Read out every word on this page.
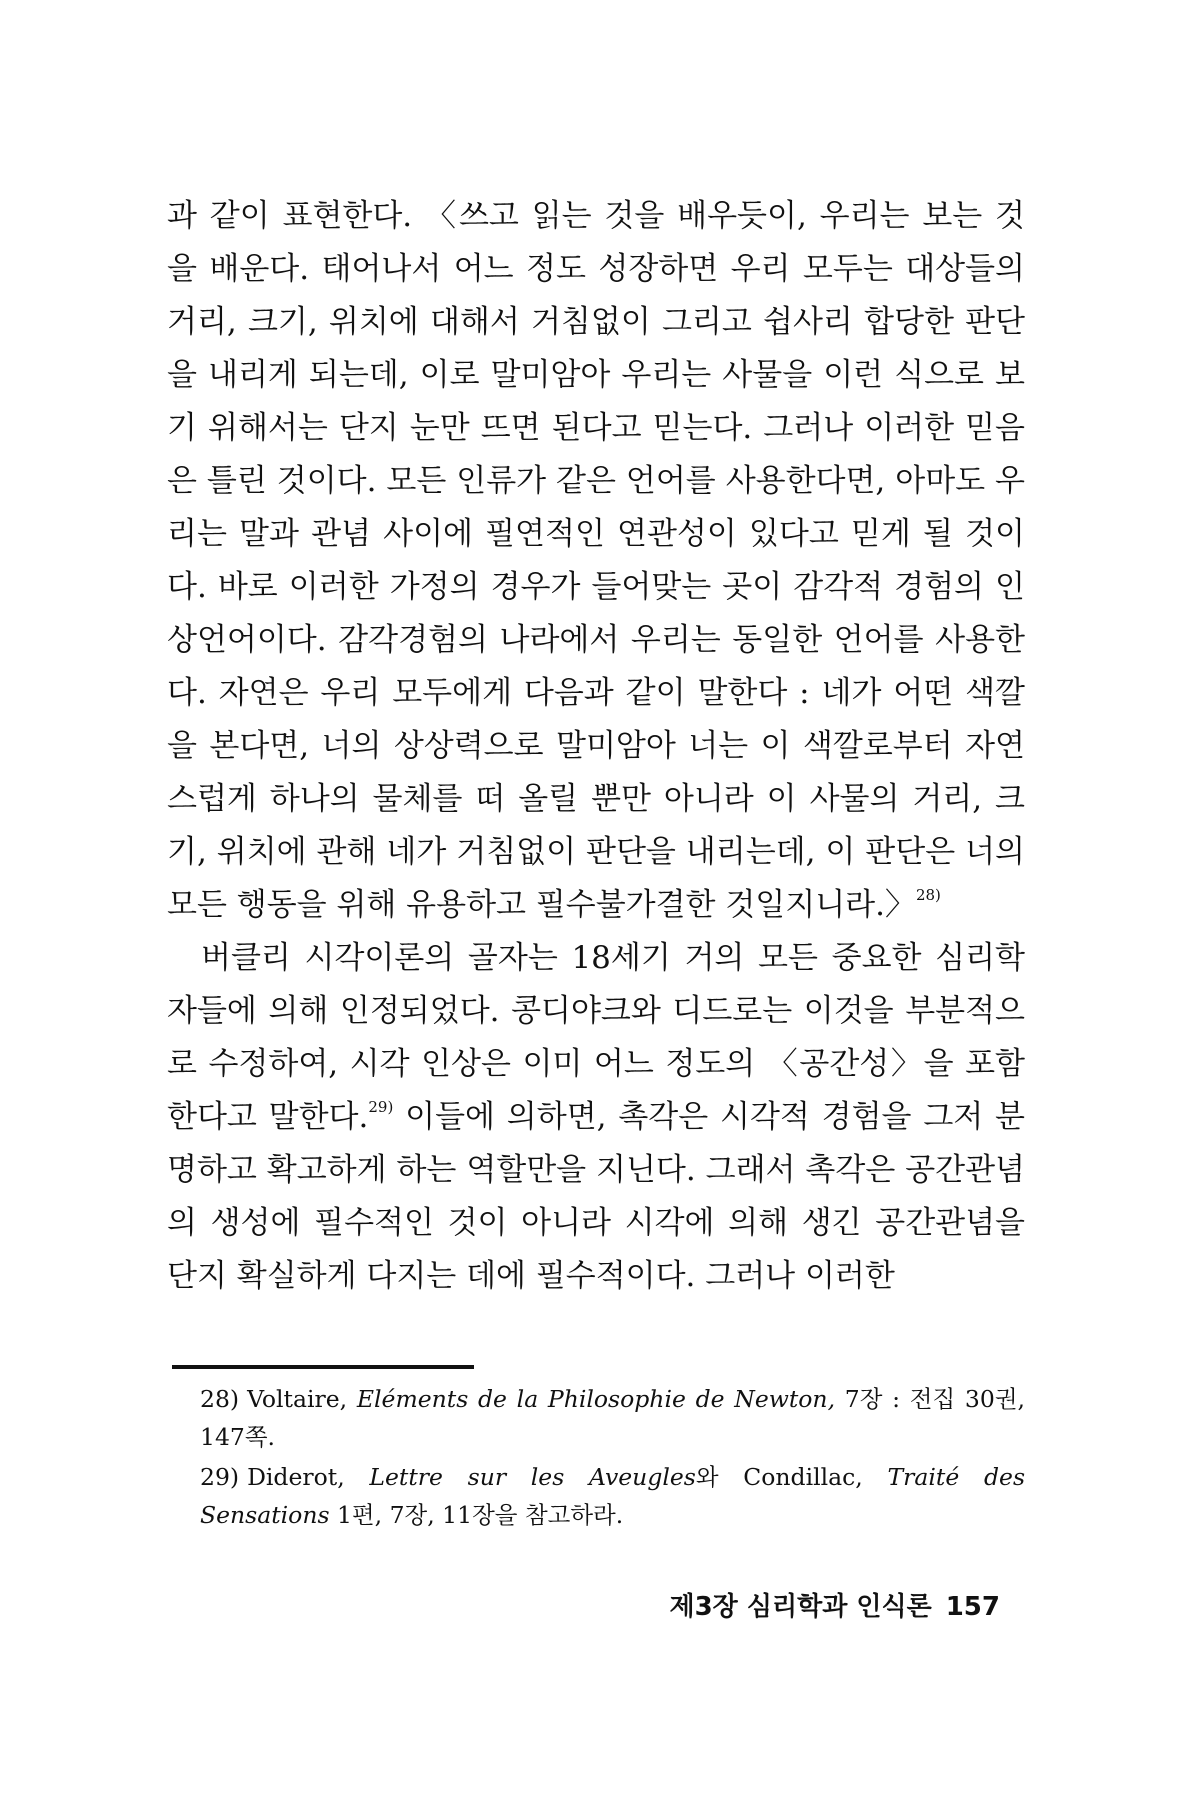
과 같이 표현한다. 〈쓰고 읽는 것을 배우듯이, 우리는 보는 것을 배운다. 태어나서 어느 정도 성장하면 우리 모두는 대상들의 거리, 크기, 위치에 대해서 거침없이 그리고 쉽사리 합당한 판단을 내리게 되는데, 이로 말미암아 우리는 사물을 이런 식으로 보기 위해서는 단지 눈만 뜨면 된다고 믿는다. 그러나 이러한 믿음은 틀린 것이다. 모든 인류가 같은 언어를 사용한다면, 아마도 우리는 말과 관념 사이에 필연적인 연관성이 있다고 믿게 될 것이다. 바로 이러한 가정의 경우가 들어맞는 곳이 감각적 경험의 인상언어이다. 감각경험의 나라에서 우리는 동일한 언어를 사용한다. 자연은 우리 모두에게 다음과 같이 말한다 : 네가 어떤 색깔을 본다면, 너의 상상력으로 말미암아 너는 이 색깔로부터 자연스럽게 하나의 물체를 떠 올릴 뿐만 아니라 이 사물의 거리, 크기, 위치에 관해 네가 거침없이 판단을 내리는데, 이 판단은 너의 모든 행동을 위해 유용하고 필수불가결한 것일지니라.〉$^{28)}$

버클리 시각이론의 골자는 18세기 거의 모든 중요한 심리학자들에 의해 인정되었다. 콩디야크와 디드로는 이것을 부분적으로 수정하여, 시각 인상은 이미 어느 정도의 〈공간성〉을 포함한다고 말한다.$^{29)}$ 이들에 의하면, 촉각은 시각적 경험을 그저 분명하고 확고하게 하는 역할만을 지닌다. 그래서 촉각은 공간관념의 생성에 필수적인 것이 아니라 시각에 의해 생긴 공간관념을 단지 확실하게 다지는 데에 필수적이다. 그러나 이러한

28) Voltaire, Eléments de la Philosophie de Newton, 7장 : 전집 30권, 147쪽.

29) Diderot, Lettre sur les Aveugles와 Condillac, Traité des Sensations 1편, 7장, 11장을 참고하라.

제3장 심리학과 인식론 157
